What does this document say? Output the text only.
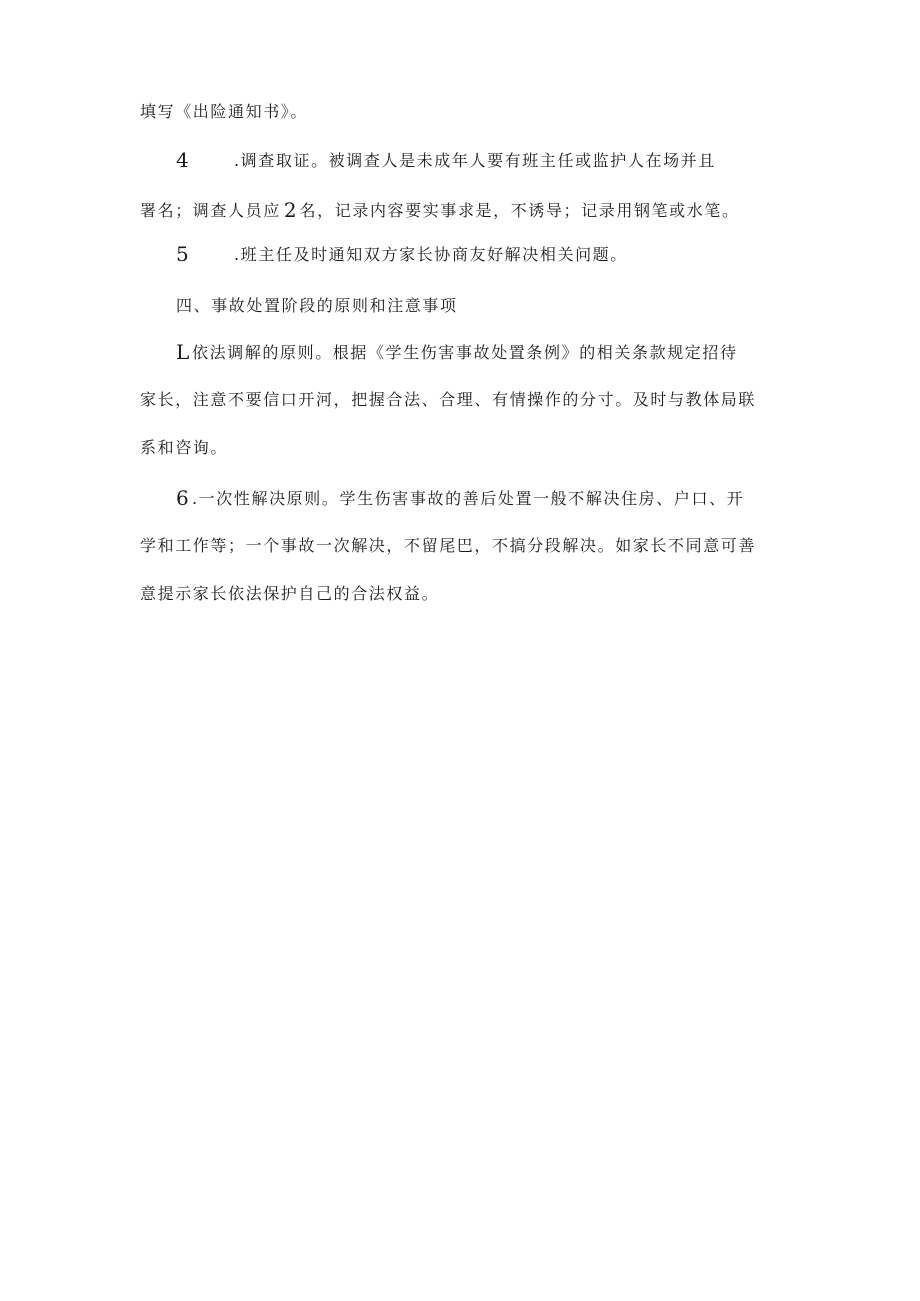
填写《出险通知书》。
4	.调查取证。被调查人是未成年人要有班主任或监护人在场并且
署名；调查人员应 2 名，记录内容要实事求是，不诱导；记录用钢笔或水笔。
5	.班主任及时通知双方家长协商友好解决相关问题。
四、事故处置阶段的原则和注意事项
L 依法调解的原则。根据《学生伤害事故处置条例》的相关条款规定招待
家长，注意不要信口开河，把握合法、合理、有情操作的分寸。及时与教体局联
系和咨询。
6 .一次性解决原则。学生伤害事故的善后处置一般不解决住房、户口、开
学和工作等；一个事故一次解决，不留尾巴，不搞分段解决。如家长不同意可善
意提示家长依法保护自己的合法权益。
